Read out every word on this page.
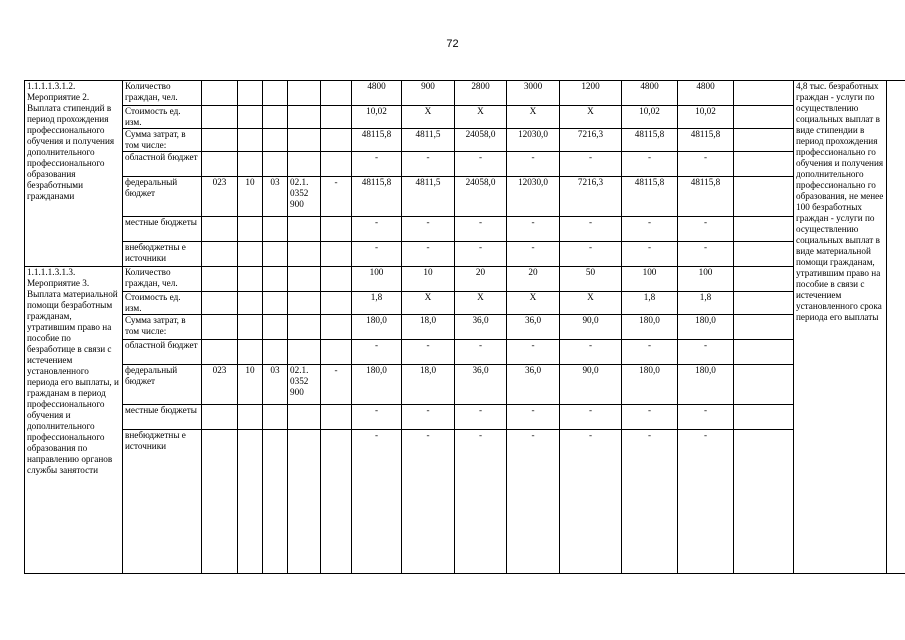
72
1.1.1.1.3.1.2. Мероприятие 2. Выплата стипендий в период прохождения профессионального обучения и получения дополнительного профессионального образования безработными гражданами	Количество граждан, чел.						4800	900	2800	3000	1200	4800	4800		4,8 тыс. безработных граждан - услуги по осуществлению социальных выплат в виде стипендии в период прохождения профессионально го обучения и получения дополнительного профессионально го образования, не менее 100 безработных граждан - услуги по осуществлению социальных выплат в виде материальной помощи гражданам, утратившим право на пособие в связи с истечением установленного срока периода его выплаты	
	Стоимость ед. изм.						10,02	X	X	X	X	10,02	10,02			
	Сумма затрат, в том числе:						48115,8	4811,5	24058,0	12030,0	7216,3	48115,8	48115,8			
	областной бюджет						-	-	-	-	-	-	-			
	федеральный бюджет	023	10	03	02.1. 0352 900	-	48115,8	4811,5	24058,0	12030,0	7216,3	48115,8	48115,8			
	местные бюджеты						-	-	-	-	-	-	-			
	внебюджетны е источники						-	-	-	-	-	-	-			
1.1.1.1.3.1.3. Мероприятие 3. Выплата материальной помощи безработным гражданам, утратившим право на пособие по безработице в связи с истечением установленного периода его выплаты, и гражданам в период профессионального обучения и дополнительного профессионального образования по направлению органов службы занятости	Количество граждан, чел.						100	10	20	20	50	100	100			
	Стоимость ед. изм.						1,8	X	X	X	X	1,8	1,8			
	Сумма затрат, в том числе:						180,0	18,0	36,0	36,0	90,0	180,0	180,0			
	областной бюджет						-	-	-	-	-	-	-			
	федеральный бюджет	023	10	03	02.1. 0352 900	-	180,0	18,0	36,0	36,0	90,0	180,0	180,0			
	местные бюджеты						-	-	-	-	-	-	-			
	внебюджетны е источники						-	-	-	-	-	-	-			
